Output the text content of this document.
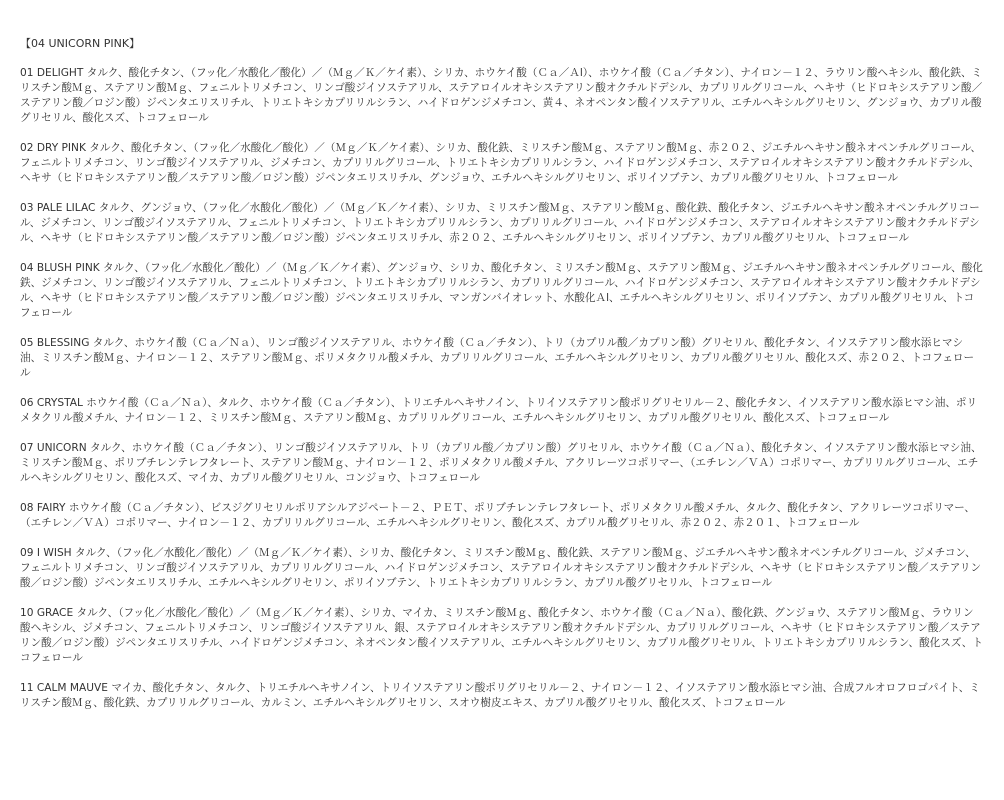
【04 UNICORN PINK】

01 DELIGHT タルク、酸化チタン、（フッ化／水酸化／酸化）／（Ｍｇ／Ｋ／ケイ素）、シリカ、ホウケイ酸（Ｃａ／Ａl）、ホウケイ酸（Ｃａ／チタン）、ナイロン－１２、ラウリン酸ヘキシル、酸化鉄、ミリスチン酸Ｍｇ、ステアリン酸Ｍｇ、フェニルトリメチコン、リンゴ酸ジイソステアリル、ステアロイルオキシステアリン酸オクチルドデシル、カプリリルグリコール、ヘキサ（ヒドロキシステアリン酸／ステアリン酸／ロジン酸）ジペンタエリスリチル、トリエトキシカプリリルシラン、ハイドロゲンジメチコン、黄４、ネオペンタン酸イソステアリル、エチルヘキシルグリセリン、グンジョウ、カプリル酸グリセリル、酸化スズ、トコフェロール

02 DRY PINK タルク、酸化チタン、（フッ化／水酸化／酸化）／（Ｍｇ／Ｋ／ケイ素）、シリカ、酸化鉄、ミリスチン酸Ｍｇ、ステアリン酸Ｍｇ、赤２０２、ジエチルヘキサン酸ネオペンチルグリコール、フェニルトリメチコン、リンゴ酸ジイソステアリル、ジメチコン、カプリリルグリコール、トリエトキシカプリリルシラン、ハイドロゲンジメチコン、ステアロイルオキシステアリン酸オクチルドデシル、ヘキサ（ヒドロキシステアリン酸／ステアリン酸／ロジン酸）ジペンタエリスリチル、グンジョウ、エチルヘキシルグリセリン、ポリイソブテン、カプリル酸グリセリル、トコフェロール

03 PALE LILAC タルク、グンジョウ、（フッ化／水酸化／酸化）／（Ｍｇ／Ｋ／ケイ素）、シリカ、ミリスチン酸Ｍｇ、ステアリン酸Ｍｇ、酸化鉄、酸化チタン、ジエチルヘキサン酸ネオペンチルグリコール、ジメチコン、リンゴ酸ジイソステアリル、フェニルトリメチコン、トリエトキシカプリリルシラン、カプリリルグリコール、ハイドロゲンジメチコン、ステアロイルオキシステアリン酸オクチルドデシル、ヘキサ（ヒドロキシステアリン酸／ステアリン酸／ロジン酸）ジペンタエリスリチル、赤２０２、エチルヘキシルグリセリン、ポリイソブテン、カプリル酸グリセリル、トコフェロール

04 BLUSH PINK タルク、（フッ化／水酸化／酸化）／（Ｍｇ／Ｋ／ケイ素）、グンジョウ、シリカ、酸化チタン、ミリスチン酸Ｍｇ、ステアリン酸Ｍｇ、ジエチルヘキサン酸ネオペンチルグリコール、酸化鉄、ジメチコン、リンゴ酸ジイソステアリル、フェニルトリメチコン、トリエトキシカプリリルシラン、カプリリルグリコール、ハイドロゲンジメチコン、ステアロイルオキシステアリン酸オクチルドデシル、ヘキサ（ヒドロキシステアリン酸／ステアリン酸／ロジン酸）ジペンタエリスリチル、マンガンバイオレット、水酸化Ａl、エチルヘキシルグリセリン、ポリイソブテン、カプリル酸グリセリル、トコフェロール

05 BLESSING タルク、ホウケイ酸（Ｃａ／Ｎａ）、リンゴ酸ジイソステアリル、ホウケイ酸（Ｃａ／チタン）、トリ（カプリル酸／カプリン酸）グリセリル、酸化チタン、イソステアリン酸水添ヒマシ油、ミリスチン酸Ｍｇ、ナイロン－１２、ステアリン酸Ｍｇ、ポリメタクリル酸メチル、カプリリルグリコール、エチルヘキシルグリセリン、カプリル酸グリセリル、酸化スズ、赤２０２、トコフェロール

06 CRYSTAL ホウケイ酸（Ｃａ／Ｎａ）、タルク、ホウケイ酸（Ｃａ／チタン）、トリエチルヘキサノイン、トリイソステアリン酸ポリグリセリル－２、酸化チタン、イソステアリン酸水添ヒマシ油、ポリメタクリル酸メチル、ナイロン－１２、ミリスチン酸Ｍｇ、ステアリン酸Ｍｇ、カプリリルグリコール、エチルヘキシルグリセリン、カプリル酸グリセリル、酸化スズ、トコフェロール

07 UNICORN タルク、ホウケイ酸（Ｃａ／チタン）、リンゴ酸ジイソステアリル、トリ（カプリル酸／カプリン酸）グリセリル、ホウケイ酸（Ｃａ／Ｎａ）、酸化チタン、イソステアリン酸水添ヒマシ油、ミリスチン酸Ｍｇ、ポリブチレンテレフタレート、ステアリン酸Ｍｇ、ナイロン－１２、ポリメタクリル酸メチル、アクリレーツコポリマー、（エチレン／ＶＡ）コポリマー、カプリリルグリコール、エチルヘキシルグリセリン、酸化スズ、マイカ、カプリル酸グリセリル、コンジョウ、トコフェロール

08 FAIRY ホウケイ酸（Ｃａ／チタン）、ビスジグリセリルポリアシルアジペート－２、ＰＥＴ、ポリブチレンテレフタレート、ポリメタクリル酸メチル、タルク、酸化チタン、アクリレーツコポリマー、（エチレン／ＶＡ）コポリマー、ナイロン－１２、カプリリルグリコール、エチルヘキシルグリセリン、酸化スズ、カプリル酸グリセリル、赤２０２、赤２０１、トコフェロール

09 I WISH タルク、（フッ化／水酸化／酸化）／（Ｍｇ／Ｋ／ケイ素）、シリカ、酸化チタン、ミリスチン酸Ｍｇ、酸化鉄、ステアリン酸Ｍｇ、ジエチルヘキサン酸ネオペンチルグリコール、ジメチコン、フェニルトリメチコン、リンゴ酸ジイソステアリル、カプリリルグリコール、ハイドロゲンジメチコン、ステアロイルオキシステアリン酸オクチルドデシル、ヘキサ（ヒドロキシステアリン酸／ステアリン酸／ロジン酸）ジペンタエリスリチル、エチルヘキシルグリセリン、ポリイソブテン、トリエトキシカプリリルシラン、カプリル酸グリセリル、トコフェロール

10 GRACE タルク、（フッ化／水酸化／酸化）／（Ｍｇ／Ｋ／ケイ素）、シリカ、マイカ、ミリスチン酸Ｍｇ、酸化チタン、ホウケイ酸（Ｃａ／Ｎａ）、酸化鉄、グンジョウ、ステアリン酸Ｍｇ、ラウリン酸ヘキシル、ジメチコン、フェニルトリメチコン、リンゴ酸ジイソステアリル、銀、ステアロイルオキシステアリン酸オクチルドデシル、カプリリルグリコール、ヘキサ（ヒドロキシステアリン酸／ステアリン酸／ロジン酸）ジペンタエリスリチル、ハイドロゲンジメチコン、ネオペンタン酸イソステアリル、エチルヘキシルグリセリン、カプリル酸グリセリル、トリエトキシカプリリルシラン、酸化スズ、トコフェロール

11 CALM MAUVE マイカ、酸化チタン、タルク、トリエチルヘキサノイン、トリイソステアリン酸ポリグリセリル－２、ナイロン－１２、イソステアリン酸水添ヒマシ油、合成フルオロフロゴパイト、ミリスチン酸Ｍｇ、酸化鉄、カプリリルグリコール、カルミン、エチルヘキシルグリセリン、スオウ樹皮エキス、カプリル酸グリセリル、酸化スズ、トコフェロール
